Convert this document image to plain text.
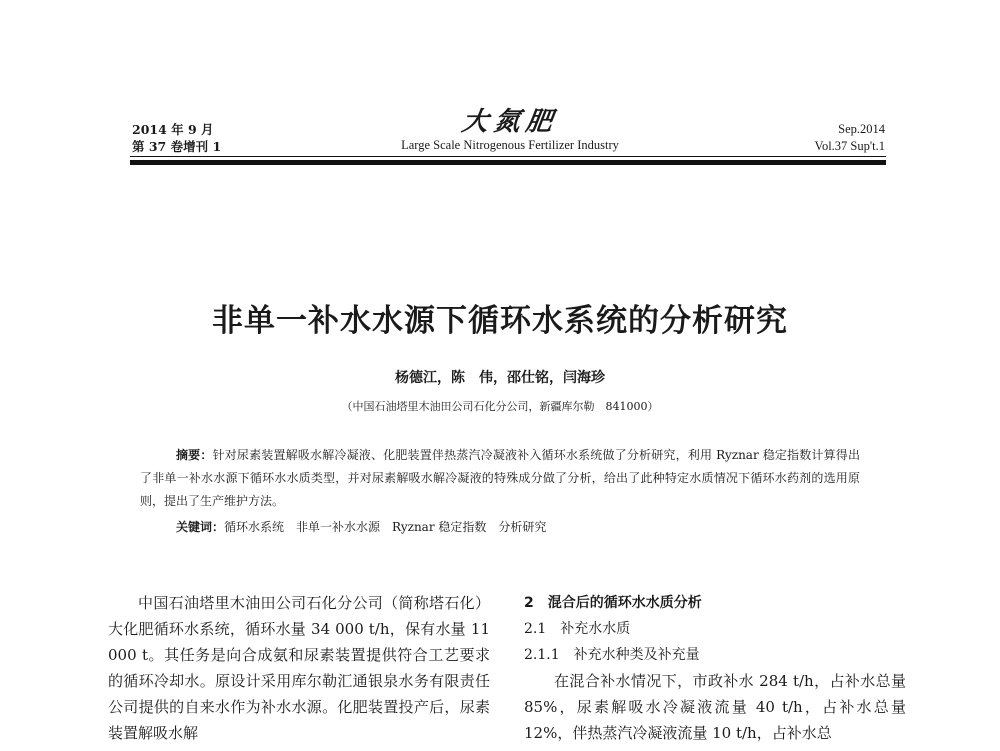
2014 年 9 月
第 37 卷增刊 1
大氮肥
Large Scale Nitrogenous Fertilizer Industry
Sep.2014
Vol.37 Sup't.1
非单一补水水源下循环水系统的分析研究
杨德江，陈　伟，邵仕铭，闫海珍
（中国石油塔里木油田公司石化分公司，新疆库尔勒　841000）
摘要：针对尿素装置解吸水解冷凝液、化肥装置伴热蒸汽冷凝液补入循环水系统做了分析研究，利用 Ryznar 稳定指数计算得出了非单一补水水源下循环水水质类型，并对尿素解吸水解冷凝液的特殊成分做了分析，给出了此种特定水质情况下循环水药剂的选用原则，提出了生产维护方法。
关键词：循环水系统　非单一补水水源　Ryznar 稳定指数　分析研究
中国石油塔里木油田公司石化分公司（简称塔石化）大化肥循环水系统，循环水量 34 000 t/h，保有水量 11 000 t。其任务是向合成氨和尿素装置提供符合工艺要求的循环冷却水。原设计采用库尔勒汇通银泉水务有限责任公司提供的自来水作为补水水源。化肥装置投产后，尿素装置解吸水解
2　混合后的循环水水质分析
2.1　补充水水质
2.1.1　补充水种类及补充量
在混合补水情况下，市政补水 284 t/h，占补水总量 85%，尿素解吸水冷凝液流量 40 t/h，占补水总量 12%，伴热蒸汽冷凝液流量 10 t/h，占补水总
